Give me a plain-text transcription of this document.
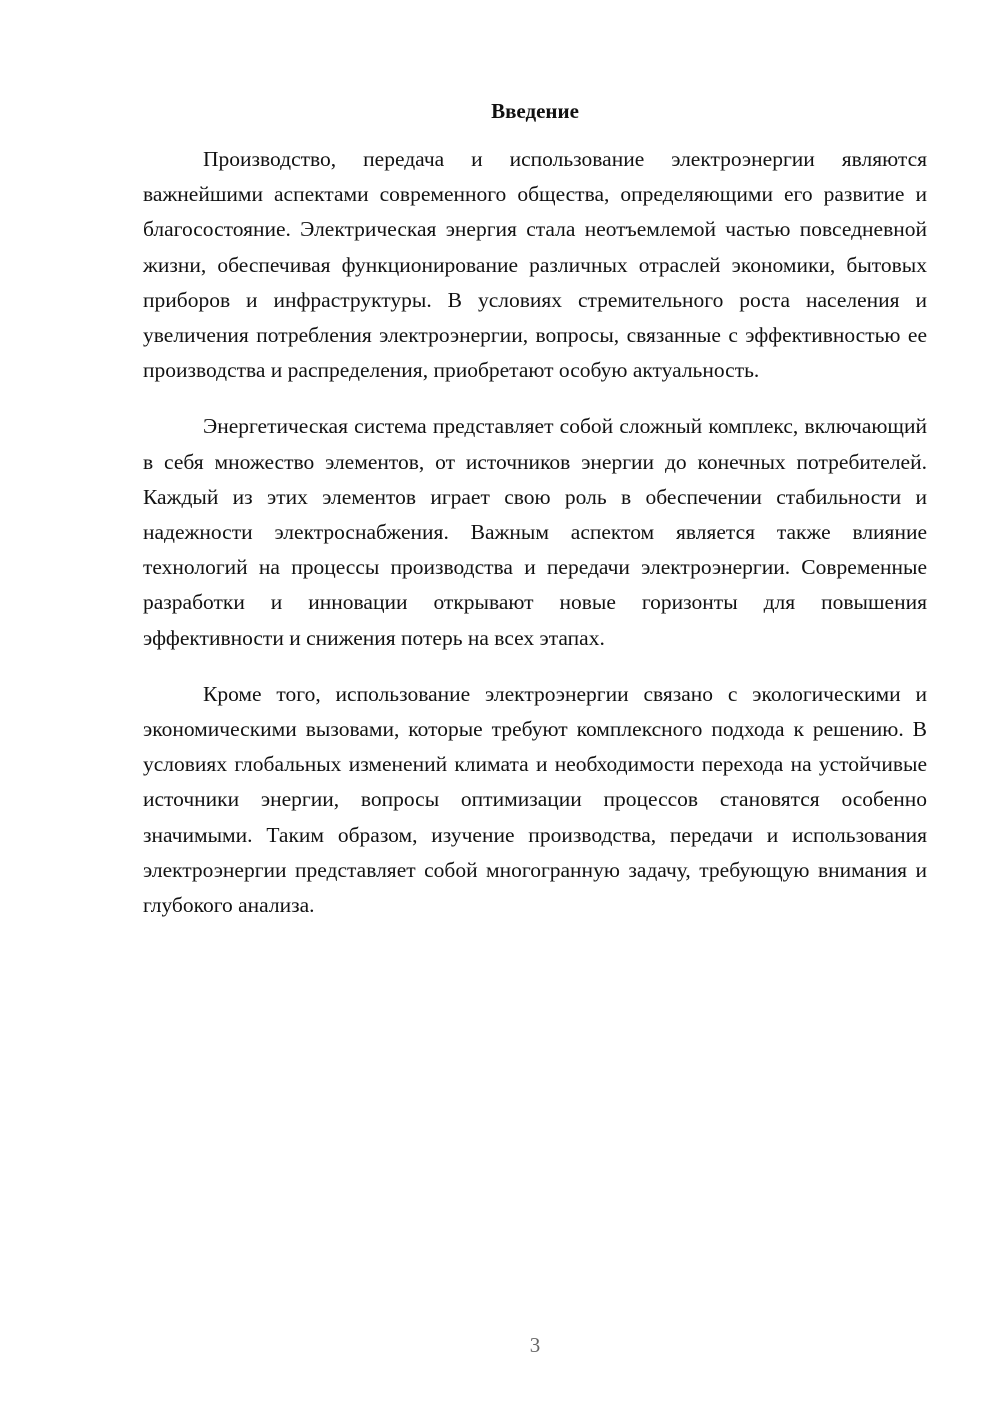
Введение

Производство, передача и использование электроэнергии являются важнейшими аспектами современного общества, определяющими его развитие и благосостояние. Электрическая энергия стала неотъемлемой частью повседневной жизни, обеспечивая функционирование различных отраслей экономики, бытовых приборов и инфраструктуры. В условиях стремительного роста населения и увеличения потребления электроэнергии, вопросы, связанные с эффективностью ее производства и распределения, приобретают особую актуальность.

Энергетическая система представляет собой сложный комплекс, включающий в себя множество элементов, от источников энергии до конечных потребителей. Каждый из этих элементов играет свою роль в обеспечении стабильности и надежности электроснабжения. Важным аспектом является также влияние технологий на процессы производства и передачи электроэнергии. Современные разработки и инновации открывают новые горизонты для повышения эффективности и снижения потерь на всех этапах.

Кроме того, использование электроэнергии связано с экологическими и экономическими вызовами, которые требуют комплексного подхода к решению. В условиях глобальных изменений климата и необходимости перехода на устойчивые источники энергии, вопросы оптимизации процессов становятся особенно значимыми. Таким образом, изучение производства, передачи и использования электроэнергии представляет собой многогранную задачу, требующую внимания и глубокого анализа.

3
